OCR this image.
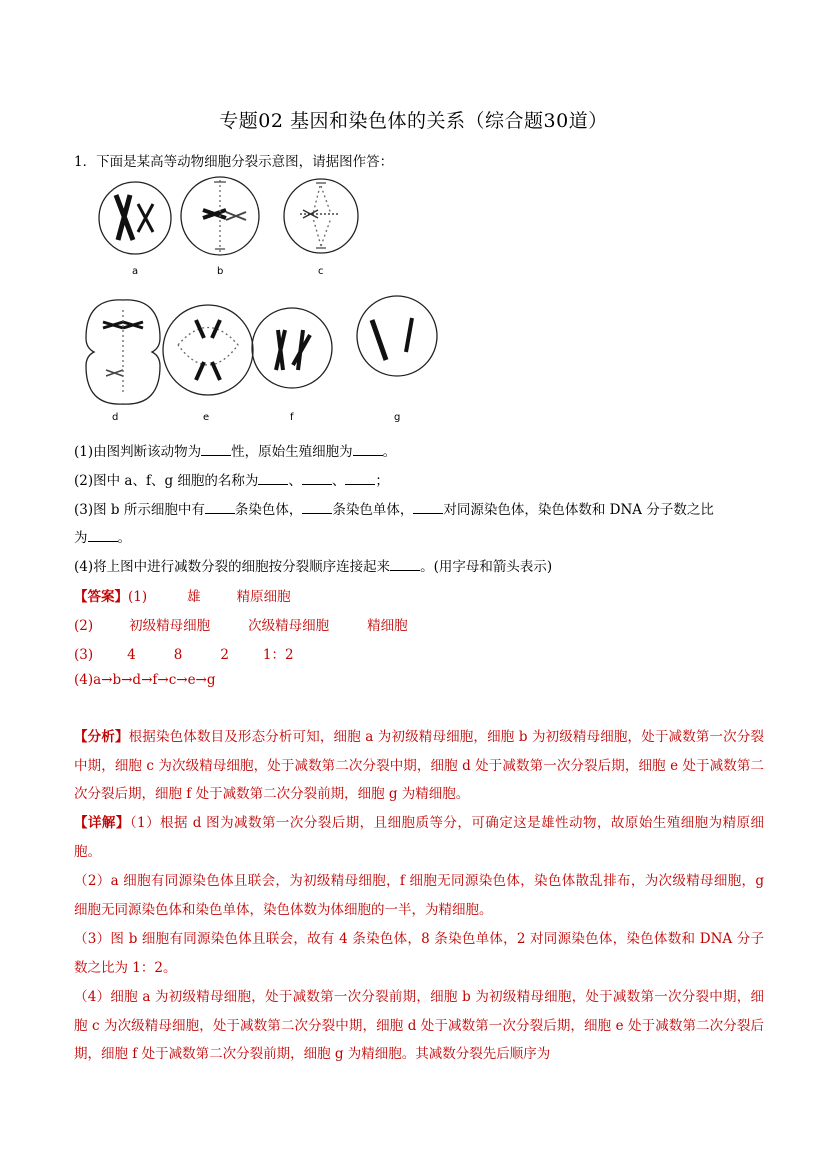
专题02 基因和染色体的关系（综合题30道）
1．下面是某高等动物细胞分裂示意图，请据图作答：
a	b	c
d	e	f	g
(1)由图判断该动物为 性，原始生殖细胞为 。
(2)图中 a、f、g 细胞的名称为 、 、 ；
(3)图 b 所示细胞中有 条染色体， 条染色单体， 对同源染色体，染色体数和 DNA 分子数之比
为 。
(4)将上图中进行减数分裂的细胞按分裂顺序连接起来 。(用字母和箭头表示)
【答案】(1)	雄	精原细胞
(2)	初级精母细胞	次级精母细胞	精细胞
(3)	4	8	2	1：2
(4)a→b→d→f→c→e→g
【分析】根据染色体数目及形态分析可知，细胞 a 为初级精母细胞，细胞 b 为初级精母细胞，处于减数第一次分裂中期，细胞 c 为次级精母细胞，处于减数第二次分裂中期，细胞 d 处于减数第一次分裂后期，细胞 e 处于减数第二次分裂后期，细胞 f 处于减数第二次分裂前期，细胞 g 为精细胞。
【详解】（1）根据 d 图为减数第一次分裂后期，且细胞质等分，可确定这是雄性动物，故原始生殖细胞为精原细胞。
（2）a 细胞有同源染色体且联会，为初级精母细胞，f 细胞无同源染色体，染色体散乱排布，为次级精母细胞，g 细胞无同源染色体和染色单体，染色体数为体细胞的一半，为精细胞。
（3）图 b 细胞有同源染色体且联会，故有 4 条染色体，8 条染色单体，2 对同源染色体，染色体数和 DNA 分子数之比为 1：2。
（4）细胞 a 为初级精母细胞，处于减数第一次分裂前期，细胞 b 为初级精母细胞，处于减数第一次分裂中期，细胞 c 为次级精母细胞，处于减数第二次分裂中期，细胞 d 处于减数第一次分裂后期，细胞 e 处于减数第二次分裂后期，细胞 f 处于减数第二次分裂前期，细胞 g 为精细胞。其减数分裂先后顺序为
